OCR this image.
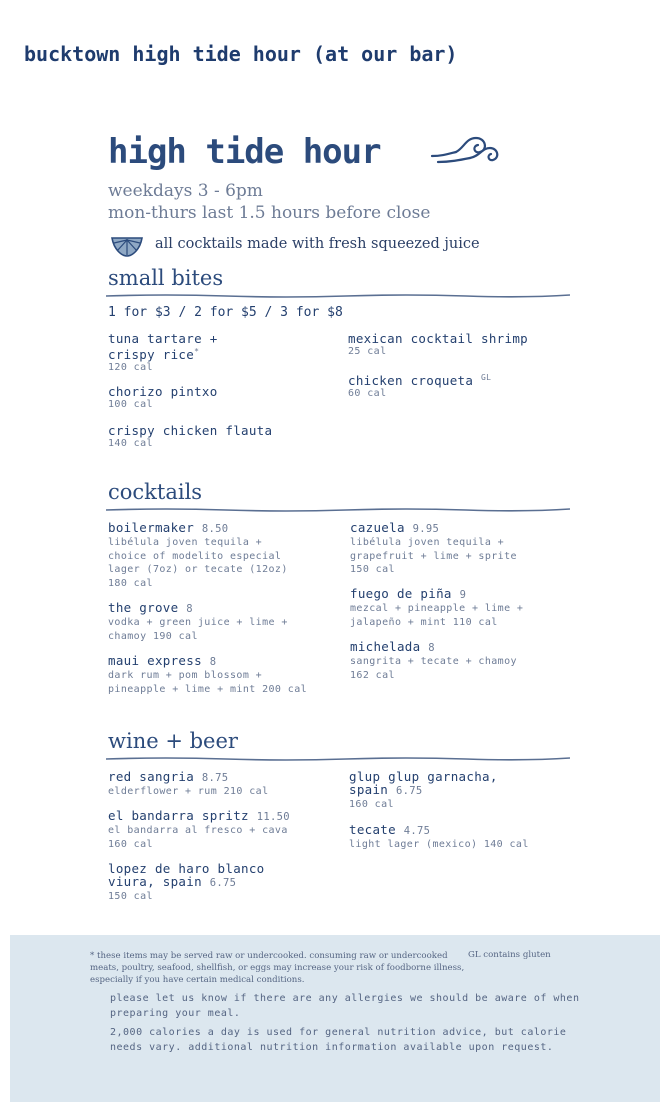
bucktown high tide hour (at our bar)
high tide hour
weekdays 3 - 6pm
mon-thurs last 1.5 hours before close
all cocktails made with fresh squeezed juice
small bites
1 for $3 / 2 for $5 / 3 for $8
tuna tartare +
crispy rice*
120 cal
chorizo pintxo
100 cal
crispy chicken flauta
140 cal
mexican cocktail shrimp
25 cal
chicken croqueta $^{GL}$
60 cal
cocktails
boilermaker 8.50
libélula joven tequila +
choice of modelito especial
lager (7oz) or tecate (12oz)
180 cal
the grove 8
vodka + green juice + lime +
chamoy 190 cal
maui express 8
dark rum + pom blossom +
pineapple + lime + mint 200 cal
cazuela 9.95
libélula joven tequila +
grapefruit + lime + sprite
150 cal
fuego de piña 9
mezcal + pineapple + lime +
jalapeño + mint 110 cal
michelada 8
sangrita + tecate + chamoy
162 cal
wine + beer
red sangria 8.75
elderflower + rum 210 cal
el bandarra spritz 11.50
el bandarra al fresco + cava
160 cal
lopez de haro blanco
viura, spain 6.75
150 cal
glup glup garnacha,
spain 6.75
160 cal
tecate 4.75
light lager (mexico) 140 cal
* these items may be served raw or undercooked. consuming raw or undercooked meats, poultry, seafood, shellfish, or eggs may increase your risk of foodborne illness, especially if you have certain medical conditions.
GL contains gluten
please let us know if there are any allergies we should be aware of when preparing your meal.
2,000 calories a day is used for general nutrition advice, but calorie needs vary. additional nutrition information available upon request.
